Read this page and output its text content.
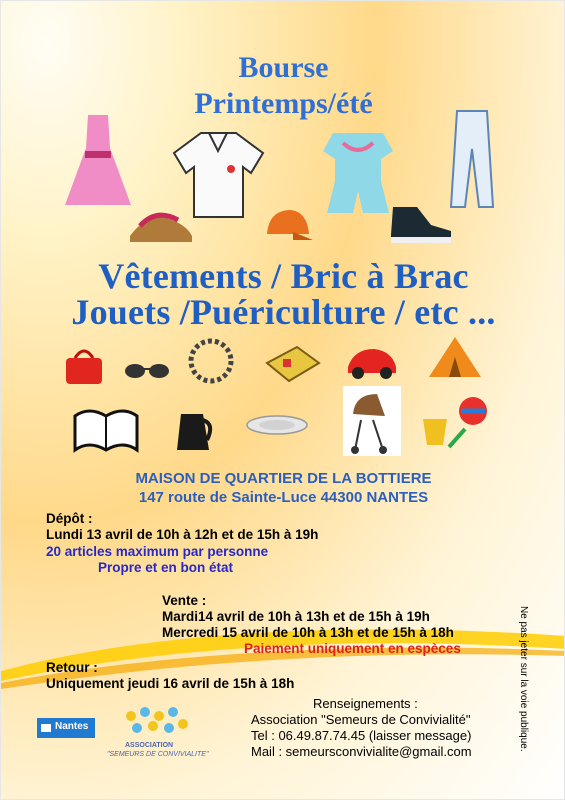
Bourse
Printemps/été
Vêtements / Bric à Brac
Jouets /Puériculture / etc ...
MAISON DE QUARTIER DE LA BOTTIERE
147 route de Sainte-Luce 44300 NANTES
Dépôt :
Lundi 13 avril de 10h à 12h et de 15h à 19h
20 articles maximum par personne
Propre et en bon état
Vente :
Mardi14 avril de 10h à 13h et de 15h à 19h
Mercredi 15 avril de 10h à 13h et de 15h à 18h
Paiement uniquement en espèces
Retour :
Uniquement jeudi 16 avril de 15h à 18h
Renseignements :
Association "Semeurs de Convivialité"
Tel : 06.49.87.74.45 (laisser message)
Mail : semeursconvivialite@gmail.com
Nantes
ASSOCIATION
"SEMEURS DE CONVIVIALITE"
Ne pas jeter sur la voie publique.
